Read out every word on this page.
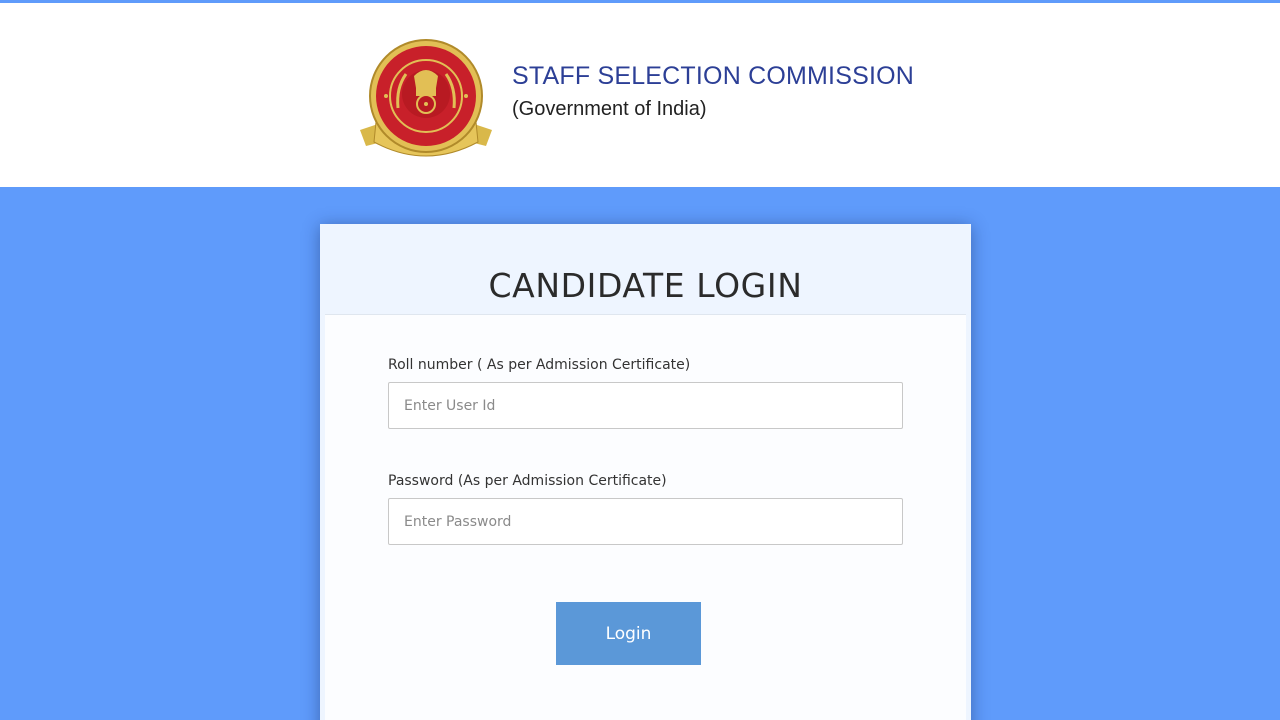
STAFF SELECTION COMMISSION
(Government of India)
CANDIDATE LOGIN
Roll number ( As per Admission Certificate)
Enter User Id
Password (As per Admission Certificate)
Login
